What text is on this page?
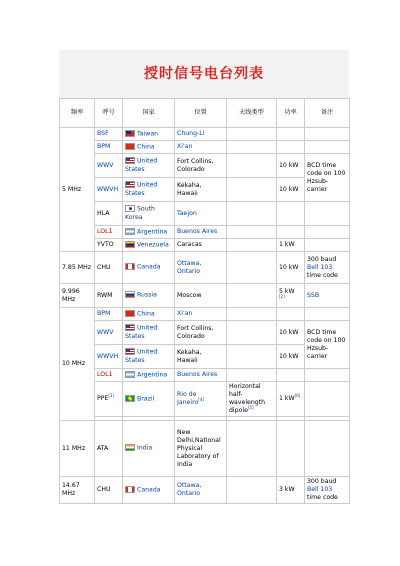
授时信号电台列表
频率	呼号	国家	位置	天线类型	功率	备注
5 MHz	BSF	Taiwan	Chung-Li			
	BPM	China	Xi'an			
	WWV	United States	Fort Collins, Colorado		10 kW	BCD time code on 100 Hzsub-carrier
	WWVH	United States	Kekaha, Hawaii		10 kW	
	HLA	South Korea	Taejon			
	LOL1	Argentina	Buenos Aires			
	YVTO	Venezuela	Caracas		1 kW	
7.85 MHz	CHU	Canada	Ottawa, Ontario		10 kW	300 baud Bell 103 time code
9.996 MHz	RWM	Russia	Moscow		5 kW [2]	SSB
10 MHz	BPM	China	Xi'an			
	WWV	United States	Fort Collins, Colorado		10 kW	BCD time code on 100 Hzsub-carrier
	WWVH	United States	Kekaha, Hawaii		10 kW	
	LOL1	Argentina	Buenos Aires			
	PPE[3]	Brazil	Rio de Janeiro[4]	Horizontal half-wavelength dipole[5]	1 kW[6]	

11 MHz	ATA	India	New Delhi,National Physical Laboratory of India			
14.67 MHz	CHU	Canada	Ottawa, Ontario		3 kW	300 baud Bell 103 time code
